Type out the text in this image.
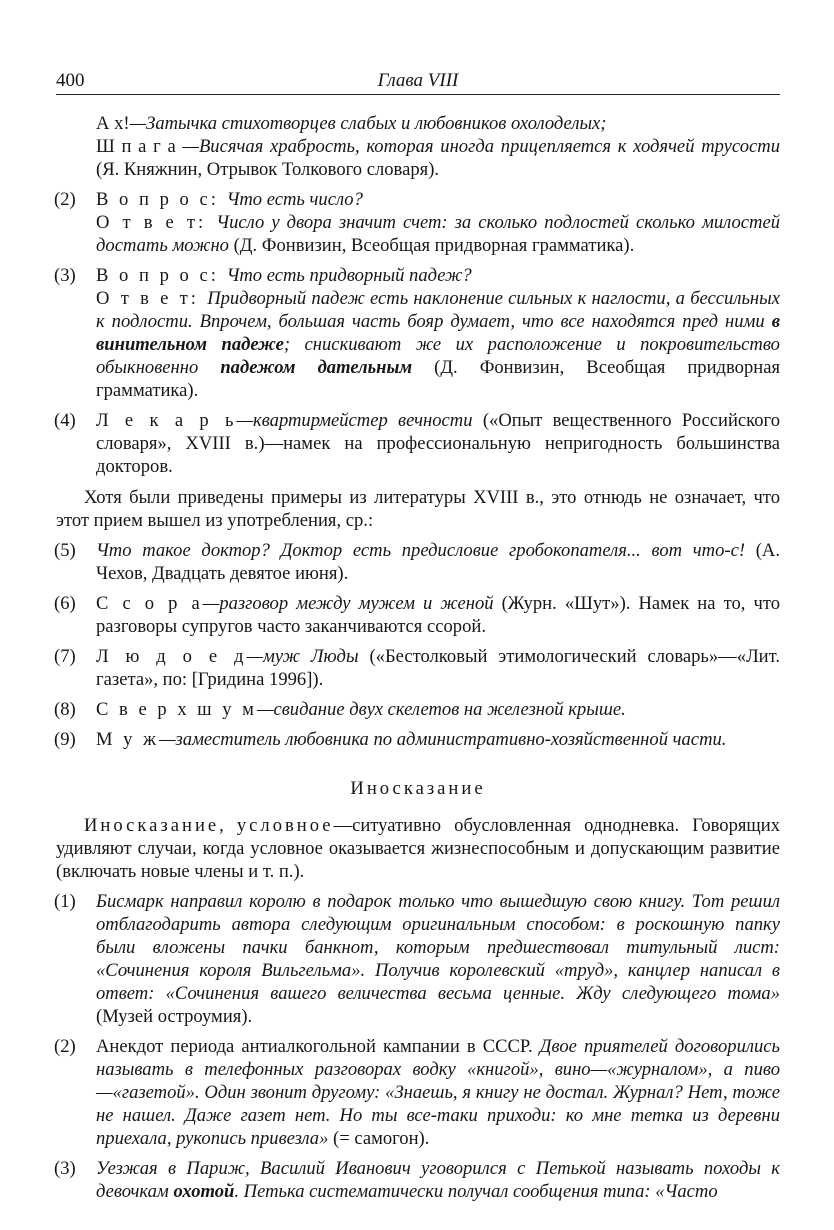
400	Глава VIII

А х!—Затычка стихотворцев слабых и любовников охолоделых;

Ш п а г а —Висячая храбрость, которая иногда прицепляется к ходячей трусости (Я. Княжнин, Отрывок Толкового словаря).

(2) В о п р о с: Что есть число?

О т в е т: Число у двора значит счет: за сколько подлостей сколько милостей достать можно (Д. Фонвизин, Всеобщая придворная грамматика).

(3) В о п р о с: Что есть придворный падеж?

О т в е т: Придворный падеж есть наклонение сильных к наглости, а бессильных к подлости. Впрочем, большая часть бояр думает, что все находятся пред ними в винительном падеже; снискивают же их расположение и покровительство обыкновенно падежом дательным (Д. Фонвизин, Всеобщая придворная грамматика).

(4) Л е к а р ь—квартирмейстер вечности («Опыт вещественного Российского словаря», XVIII в.)—намек на профессиональную непригодность большинства докторов.

Хотя были приведены примеры из литературы XVIII в., это отнюдь не означает, что этот прием вышел из употребления, ср.:

(5) Что такое доктор? Доктор есть предисловие гробокопателя... вот что-с! (А. Чехов, Двадцать девятое июня).

(6) С с о р а—разговор между мужем и женой (Журн. «Шут»). Намек на то, что разговоры супругов часто заканчиваются ссорой.

(7) Л ю д о е д—муж Люды («Бестолковый этимологический словарь»—«Лит. газета», по: [Гридина 1996]).

(8) С в е р х ш у м—свидание двух скелетов на железной крыше.

(9) М у ж—заместитель любовника по административно-хозяйственной части.

Иносказание

Иносказание, условное—ситуативно обусловленная однодневка. Говорящих удивляют случаи, когда условное оказывается жизнеспособным и допускающим развитие (включать новые члены и т. п.).

(1) Бисмарк направил королю в подарок только что вышедшую свою книгу. Тот решил отблагодарить автора следующим оригинальным способом: в роскошную папку были вложены пачки банкнот, которым предшествовал титульный лист: «Сочинения короля Вильгельма». Получив королевский «труд», канцлер написал в ответ: «Сочинения вашего величества весьма ценные. Жду следующего тома» (Музей остроумия).

(2) Анекдот периода антиалкогольной кампании в СССР. Двое приятелей договорились называть в телефонных разговорах водку «книгой», вино—«журналом», а пиво—«газетой». Один звонит другому: «Знаешь, я книгу не достал. Журнал? Нет, тоже не нашел. Даже газет нет. Но ты все-таки приходи: ко мне тетка из деревни приехала, рукопись привезла» (= самогон).

(3) Уезжая в Париж, Василий Иванович уговорился с Петькой называть походы к девочкам охотой. Петька систематически получал сообщения типа: «Часто
